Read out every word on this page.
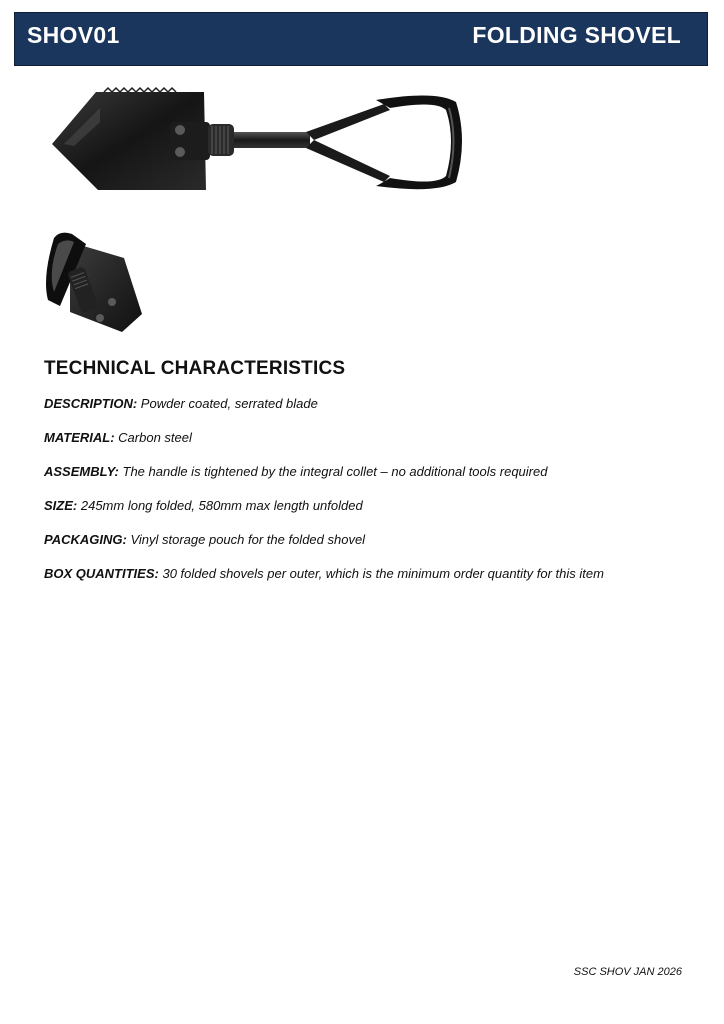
SHOV01	FOLDING SHOVEL
TECHNICAL CHARACTERISTICS
DESCRIPTION: Powder coated, serrated blade
MATERIAL: Carbon steel
ASSEMBLY: The handle is tightened by the integral collet – no additional tools required
SIZE: 245mm long folded, 580mm max length unfolded
PACKAGING: Vinyl storage pouch for the folded shovel
BOX QUANTITIES: 30 folded shovels per outer, which is the minimum order quantity for this item
SSC SHOV JAN 2026
